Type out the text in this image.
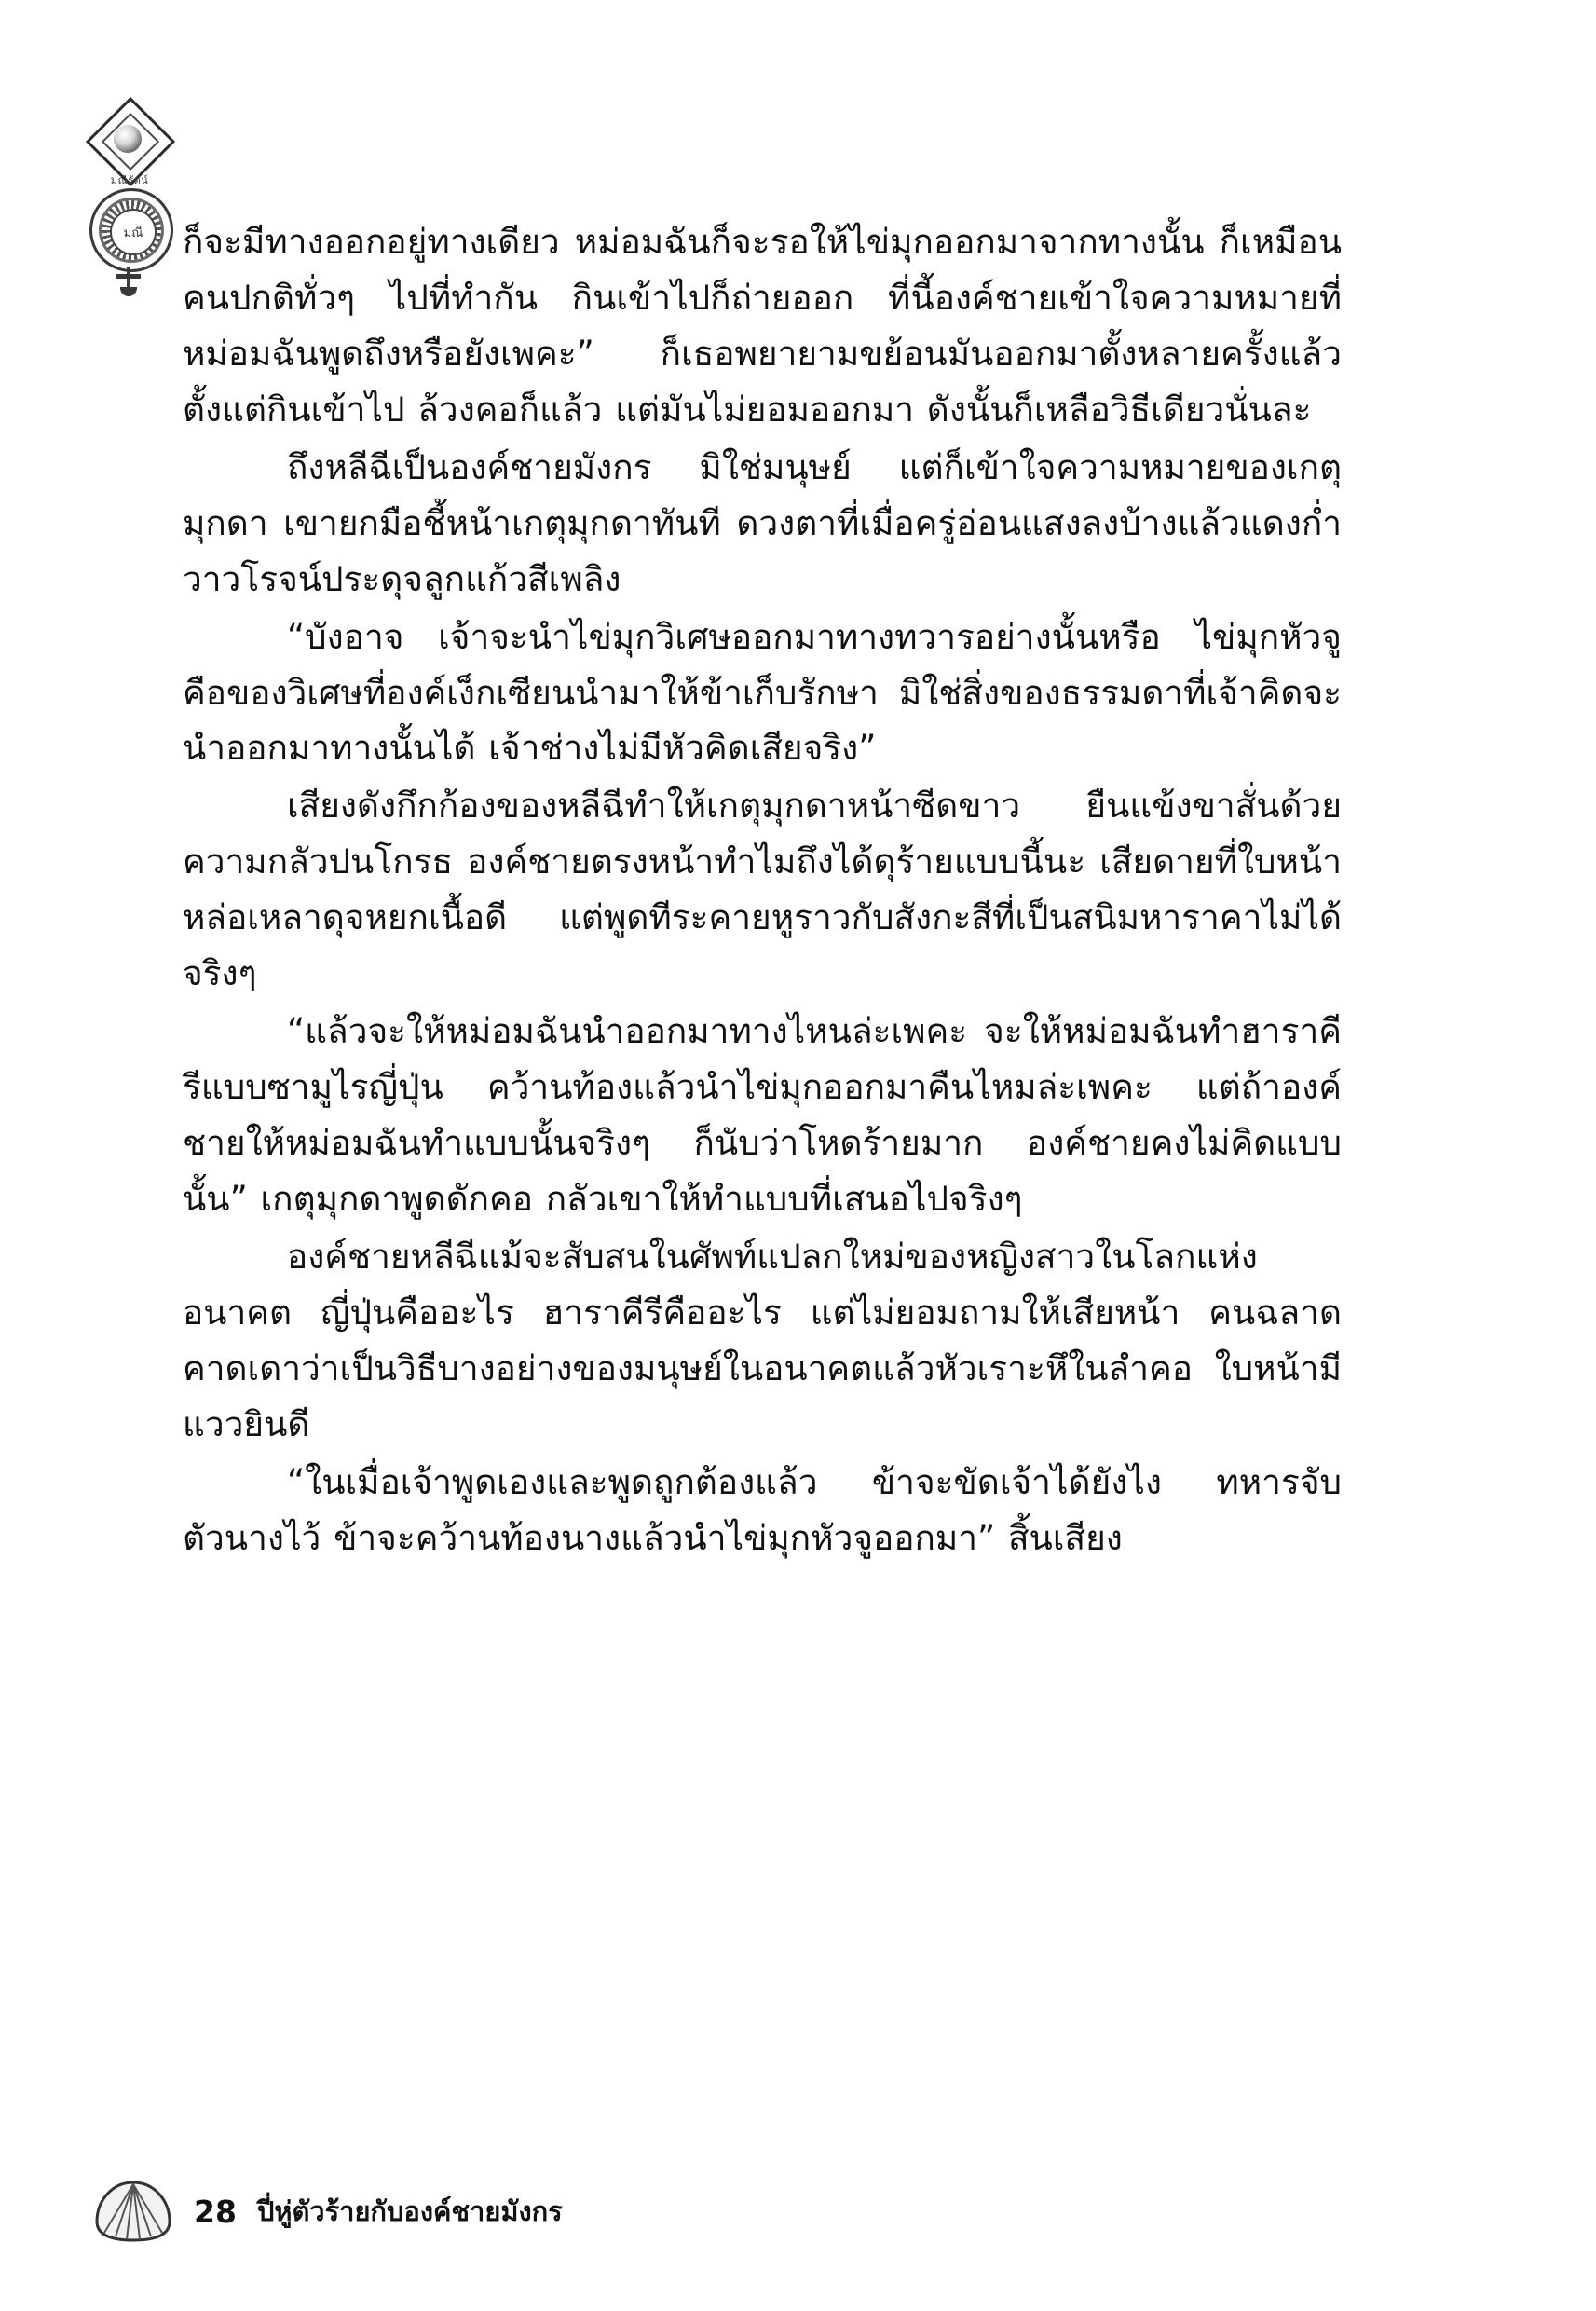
มณีรัตน์
มณี	ก็จะมีทางออกอยู่ทางเดียว หม่อมฉันก็จะรอให้ไข่มุกออกมาจากทางนั้น ก็เหมือนคนปกติทั่วๆ ไปที่ทำกัน กินเข้าไปก็ถ่ายออก ที่นี้องค์ชายเข้าใจความหมายที่หม่อมฉันพูดถึงหรือยังเพคะ” ก็เธอพยายามขย้อนมันออกมาตั้งหลายครั้งแล้วตั้งแต่กินเข้าไป ล้วงคอก็แล้ว แต่มันไม่ยอมออกมา ดังนั้นก็เหลือวิธีเดียวนั่นละ

ถึงหลีฉีเป็นองค์ชายมังกร มิใช่มนุษย์ แต่ก็เข้าใจความหมายของเกตุมุกดา เขายกมือชี้หน้าเกตุมุกดาทันที ดวงตาที่เมื่อครู่อ่อนแสงลงบ้างแล้วแดงก่ำวาวโรจน์ประดุจลูกแก้วสีเพลิง

“บังอาจ เจ้าจะนำไข่มุกวิเศษออกมาทางทวารอย่างนั้นหรือ ไข่มุกหัวจูคือของวิเศษที่องค์เง็กเซียนนำมาให้ข้าเก็บรักษา มิใช่สิ่งของธรรมดาที่เจ้าคิดจะนำออกมาทางนั้นได้ เจ้าช่างไม่มีหัวคิดเสียจริง”

เสียงดังกึกก้องของหลีฉีทำให้เกตุมุกดาหน้าซีดขาว ยืนแข้งขาสั่นด้วยความกลัวปนโกรธ องค์ชายตรงหน้าทำไมถึงได้ดุร้ายแบบนี้นะ เสียดายที่ใบหน้าหล่อเหลาดุจหยกเนื้อดี แต่พูดทีระคายหูราวกับสังกะสีที่เป็นสนิมหาราคาไม่ได้จริงๆ

“แล้วจะให้หม่อมฉันนำออกมาทางไหนล่ะเพคะ จะให้หม่อมฉันทำฮาราคีรีแบบซามูไรญี่ปุ่น คว้านท้องแล้วนำไข่มุกออกมาคืนไหมล่ะเพคะ แต่ถ้าองค์ชายให้หม่อมฉันทำแบบนั้นจริงๆ ก็นับว่าโหดร้ายมาก องค์ชายคงไม่คิดแบบนั้น” เกตุมุกดาพูดดักคอ กลัวเขาให้ทำแบบที่เสนอไปจริงๆ

องค์ชายหลีฉีแม้จะสับสนในศัพท์แปลกใหม่ของหญิงสาวในโลกแห่งอนาคต ญี่ปุ่นคืออะไร ฮาราคีรีคืออะไร แต่ไม่ยอมถามให้เสียหน้า คนฉลาดคาดเดาว่าเป็นวิธีบางอย่างของมนุษย์ในอนาคตแล้วหัวเราะหึในลำคอ ใบหน้ามีแววยินดี

“ในเมื่อเจ้าพูดเองและพูดถูกต้องแล้ว ข้าจะขัดเจ้าได้ยังไง ทหารจับตัวนางไว้ ข้าจะคว้านท้องนางแล้วนำไข่มุกหัวจูออกมา” สิ้นเสียง

28 ปี่หู่ตัวร้ายกับองค์ชายมังกร
